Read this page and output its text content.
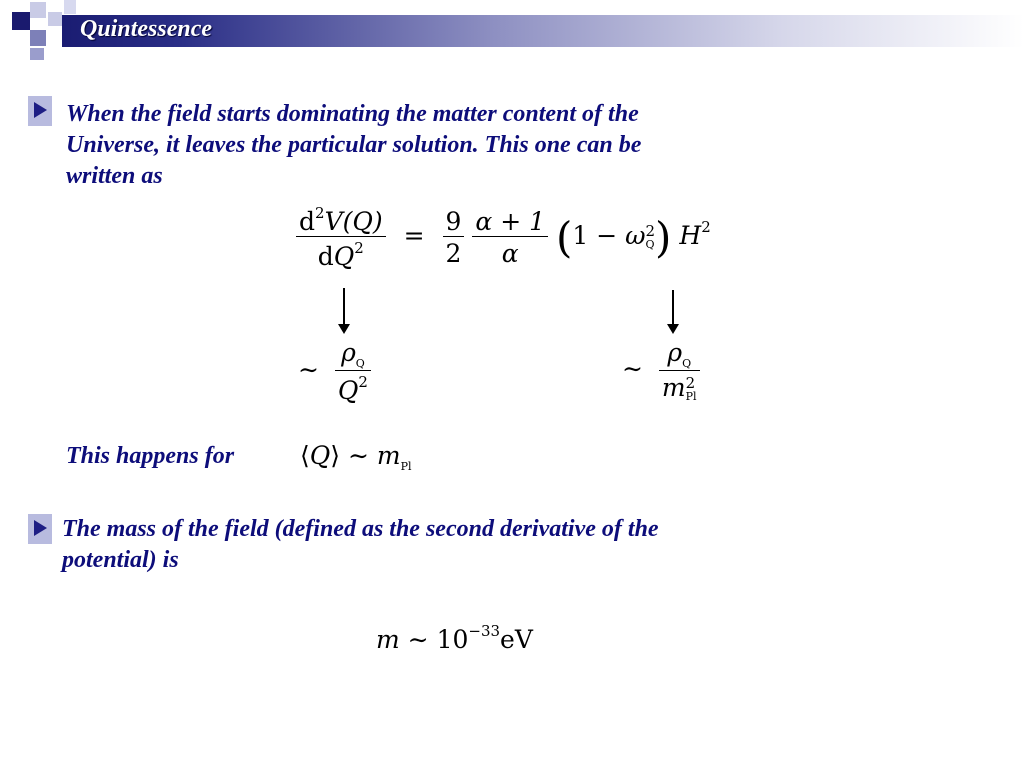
Quintessence
When the field starts dominating the matter content of the
Universe, it leaves the particular solution. This one can be
written as
$\frac{d^2V(Q)}{dQ^2} = \frac{9}{2}$
$\frac{\alpha + 1}{\alpha} (1 - \omega$ 2
Q ) $H^2$
∼ $\frac{\rho_Q}{Q^2}$	∼ $\rho_Q$
m 2
Pl
This happens for	⟨Q⟩ ∼ $m_{Pl}$
The mass of the field (defined as the second derivative of the
potential) is
m ∼ $10^{-33}eV$
